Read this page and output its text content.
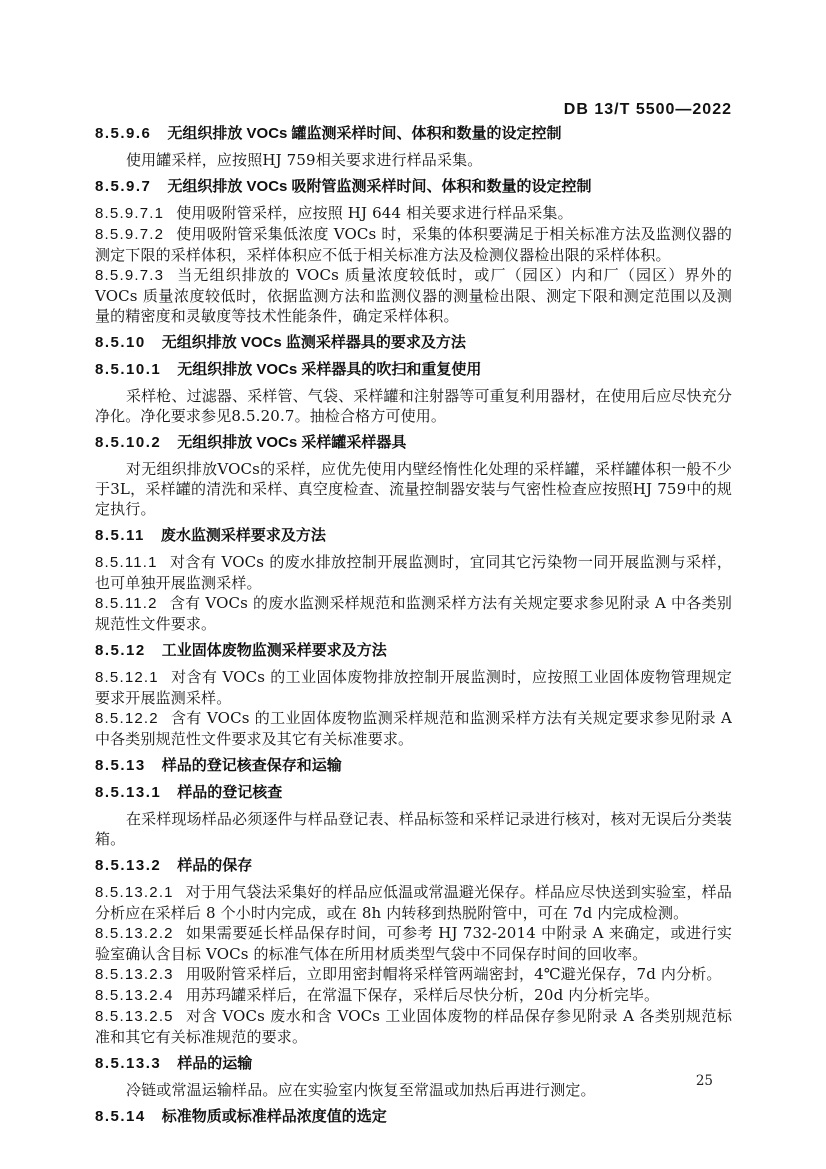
DB 13/T 5500—2022
8.5.9.6 无组织排放 VOCs 罐监测采样时间、体积和数量的设定控制

使用罐采样，应按照HJ 759相关要求进行样品采集。

8.5.9.7 无组织排放 VOCs 吸附管监测采样时间、体积和数量的设定控制

8.5.9.7.1 使用吸附管采样，应按照 HJ 644 相关要求进行样品采集。

8.5.9.7.2 使用吸附管采集低浓度 VOCs 时，采集的体积要满足于相关标准方法及监测仪器的测定下限的采样体积，采样体积应不低于相关标准方法及检测仪器检出限的采样体积。

8.5.9.7.3 当无组织排放的 VOCs 质量浓度较低时，或厂（园区）内和厂（园区）界外的 VOCs 质量浓度较低时，依据监测方法和监测仪器的测量检出限、测定下限和测定范围以及测量的精密度和灵敏度等技术性能条件，确定采样体积。

8.5.10 无组织排放 VOCs 监测采样器具的要求及方法
8.5.10.1 无组织排放 VOCs 采样器具的吹扫和重复使用

采样枪、过滤器、采样管、气袋、采样罐和注射器等可重复利用器材，在使用后应尽快充分净化。净化要求参见8.5.20.7。抽检合格方可使用。

8.5.10.2 无组织排放 VOCs 采样罐采样器具

对无组织排放VOCs的采样，应优先使用内壁经惰性化处理的采样罐，采样罐体积一般不少于3L，采样罐的清洗和采样、真空度检查、流量控制器安装与气密性检查应按照HJ 759中的规定执行。

8.5.11 废水监测采样要求及方法

8.5.11.1 对含有 VOCs 的废水排放控制开展监测时，宜同其它污染物一同开展监测与采样，也可单独开展监测采样。

8.5.11.2 含有 VOCs 的废水监测采样规范和监测采样方法有关规定要求参见附录 A 中各类别规范性文件要求。

8.5.12 工业固体废物监测采样要求及方法

8.5.12.1 对含有 VOCs 的工业固体废物排放控制开展监测时，应按照工业固体废物管理规定要求开展监测采样。

8.5.12.2 含有 VOCs 的工业固体废物监测采样规范和监测采样方法有关规定要求参见附录 A 中各类别规范性文件要求及其它有关标准要求。

8.5.13 样品的登记核查保存和运输
8.5.13.1 样品的登记核查

在采样现场样品必须逐件与样品登记表、样品标签和采样记录进行核对，核对无误后分类装箱。

8.5.13.2 样品的保存

8.5.13.2.1 对于用气袋法采集好的样品应低温或常温避光保存。样品应尽快送到实验室，样品分析应在采样后 8 个小时内完成，或在 8h 内转移到热脱附管中，可在 7d 内完成检测。

8.5.13.2.2 如果需要延长样品保存时间，可参考 HJ 732-2014 中附录 A 来确定，或进行实验室确认含目标 VOCs 的标准气体在所用材质类型气袋中不同保存时间的回收率。

8.5.13.2.3 用吸附管采样后，立即用密封帽将采样管两端密封，4℃避光保存，7d 内分析。

8.5.13.2.4 用苏玛罐采样后，在常温下保存，采样后尽快分析，20d 内分析完毕。

8.5.13.2.5 对含 VOCs 废水和含 VOCs 工业固体废物的样品保存参见附录 A 各类别规范标准和其它有关标准规范的要求。

8.5.13.3 样品的运输

冷链或常温运输样品。应在实验室内恢复至常温或加热后再进行测定。

8.5.14 标准物质或标准样品浓度值的选定
25
